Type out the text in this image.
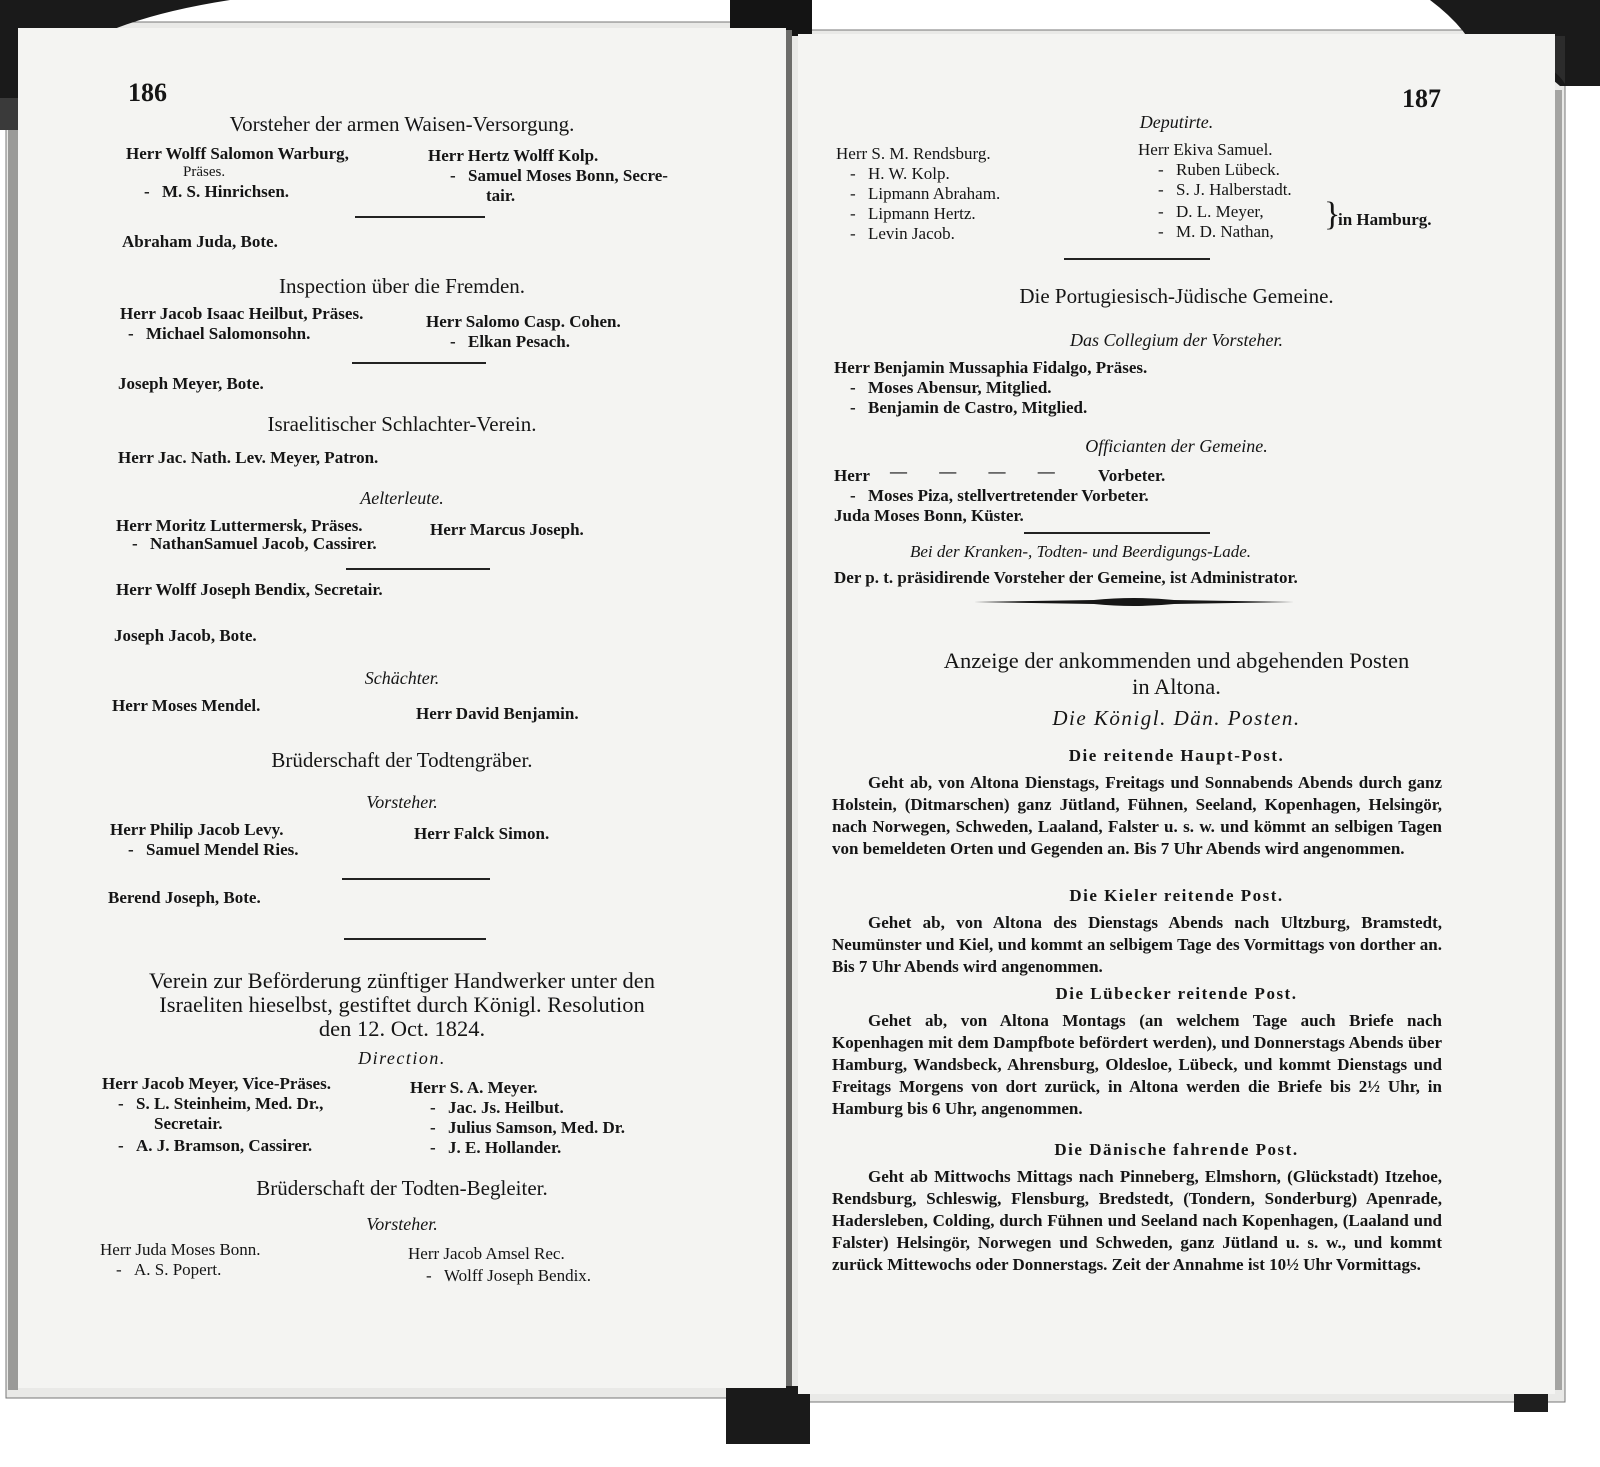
186
Vorsteher der armen Waisen-Versorgung.
Herr Wolff Salomon Warburg,
Präses.
- M. S. Hinrichsen.
Herr Hertz Wolff Kolp.
- Samuel Moses Bonn, Secre-
tair.
Abraham Juda, Bote.
Inspection über die Fremden.
Herr Jacob Isaac Heilbut, Präses.
- Michael Salomonsohn.
Herr Salomo Casp. Cohen.
- Elkan Pesach.
Joseph Meyer, Bote.
Israelitischer Schlachter-Verein.
Herr Jac. Nath. Lev. Meyer, Patron.
Aelterleute.
Herr Moritz Luttermersk, Präses.
- NathanSamuel Jacob, Cassirer.
Herr Marcus Joseph.
Herr Wolff Joseph Bendix, Secretair.
Joseph Jacob, Bote.
Schächter.
Herr Moses Mendel.	Herr David Benjamin.
Brüderschaft der Todtengräber.
Vorsteher.
Herr Philip Jacob Levy.
- Samuel Mendel Ries.
Herr Falck Simon.
Berend Joseph, Bote.
Verein zur Beförderung zünftiger Handwerker unter den
Israeliten hieselbst, gestiftet durch Königl. Resolution
den 12. Oct. 1824.
Direction.
Herr Jacob Meyer, Vice-Präses.
- S. L. Steinheim, Med. Dr.,
Secretair.
- A. J. Bramson, Cassirer.
Herr S. A. Meyer.
- Jac. Js. Heilbut.
- Julius Samson, Med. Dr.
- J. E. Hollander.
Brüderschaft der Todten-Begleiter.
Vorsteher.
Herr Juda Moses Bonn.
- A. S. Popert.
Herr Jacob Amsel Rec.
- Wolff Joseph Bendix.
187
Deputirte.
Herr S. M. Rendsburg.
- H. W. Kolp.
- Lipmann Abraham.
- Lipmann Hertz.
- Levin Jacob.
Herr Ekiva Samuel.
- Ruben Lübeck.
- S. J. Halberstadt.
- D. L. Meyer,
- M. D. Nathan, }
in Hamburg.
Die Portugiesisch-Jüdische Gemeine.
Das Collegium der Vorsteher.
Herr Benjamin Mussaphia Fidalgo, Präses.
- Moses Abensur, Mitglied.
- Benjamin de Castro, Mitglied.
Officianten der Gemeine.
Herr — — — — Vorbeter.
- Moses Piza, stellvertretender Vorbeter.
Juda Moses Bonn, Küster.
Bei der Kranken-, Todten- und Beerdigungs-Lade.
Der p. t. präsidirende Vorsteher der Gemeine, ist Administrator.
Anzeige der ankommenden und abgehenden Posten
in Altona.
Die Königl. Dän. Posten.
Die reitende Haupt-Post.
Geht ab, von Altona Dienstags, Freitags und Sonnabends Abends durch ganz Holstein, (Ditmarschen) ganz Jütland, Fühnen, Seeland, Kopenhagen, Helsingör, nach Norwegen, Schweden, Laaland, Falster u. s. w. und kömmt an selbigen Tagen von bemeldeten Orten und Gegenden an. Bis 7 Uhr Abends wird angenommen.
Die Kieler reitende Post.
Gehet ab, von Altona des Dienstags Abends nach Ultzburg, Bramstedt, Neumünster und Kiel, und kommt an selbigem Tage des Vormittags von dorther an. Bis 7 Uhr Abends wird angenommen.
Die Lübecker reitende Post.
Gehet ab, von Altona Montags (an welchem Tage auch Briefe nach Kopenhagen mit dem Dampfbote befördert werden), und Donnerstags Abends über Hamburg, Wandsbeck, Ahrensburg, Oldesloe, Lübeck, und kommt Dienstags und Freitags Morgens von dort zurück, in Altona werden die Briefe bis 2½ Uhr, in Hamburg bis 6 Uhr, angenommen.
Die Dänische fahrende Post.
Geht ab Mittwochs Mittags nach Pinneberg, Elmshorn, (Glückstadt) Itzehoe, Rendsburg, Schleswig, Flensburg, Bredstedt, (Tondern, Sonderburg) Apenrade, Hadersleben, Colding, durch Fühnen und Seeland nach Kopenhagen, (Laaland und Falster) Helsingör, Norwegen und Schweden, ganz Jütland u. s. w., und kommt zurück Mittewochs oder Donnerstags. Zeit der Annahme ist 10½ Uhr Vormittags.
